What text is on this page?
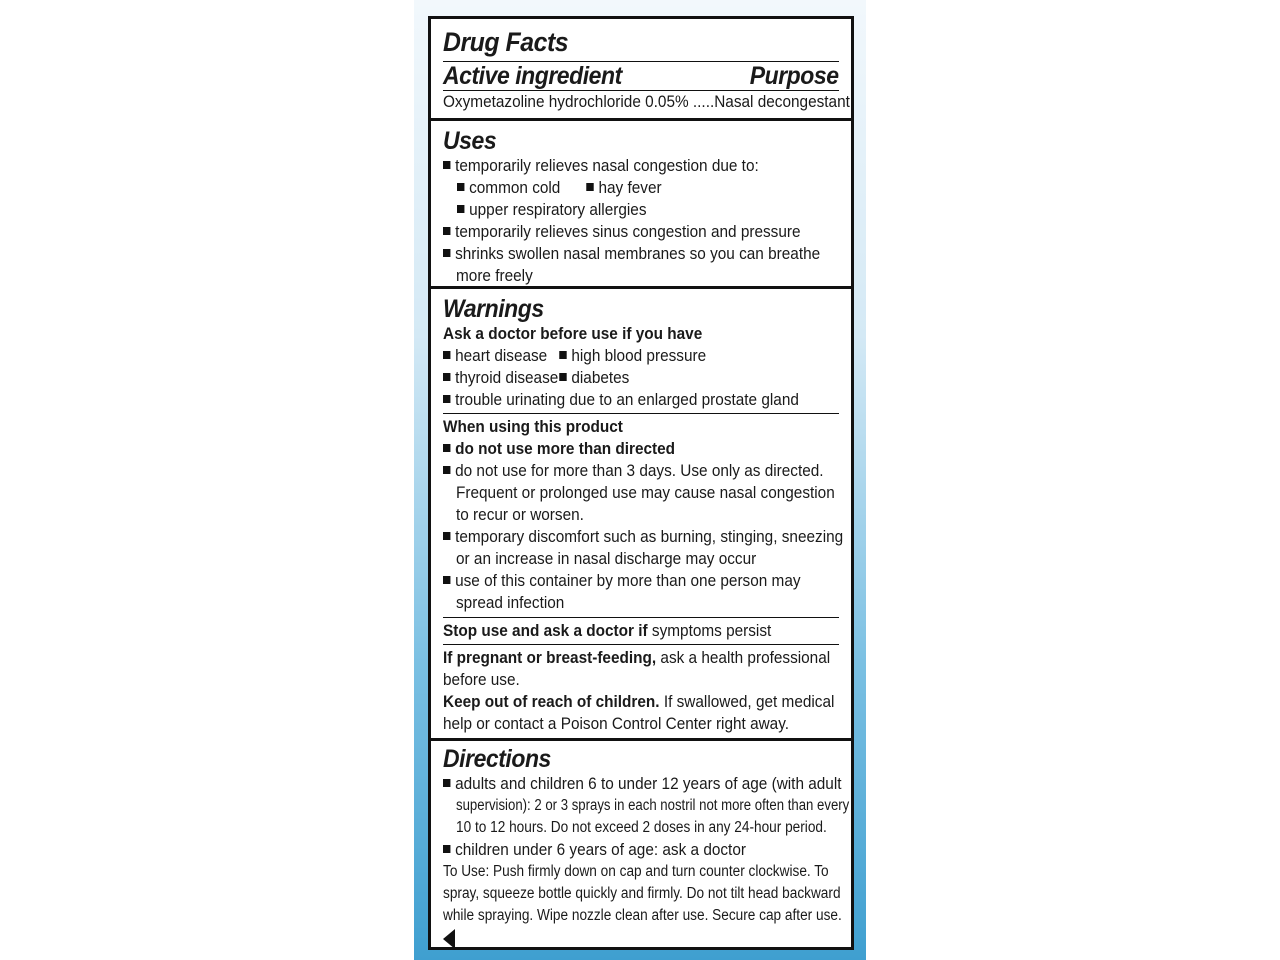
Drug Facts
Active ingredient	Purpose
Oxymetazoline hydrochloride 0.05% .....Nasal decongestant
Uses
temporarily relieves nasal congestion due to:
common cold hay fever
upper respiratory allergies
temporarily relieves sinus congestion and pressure
shrinks swollen nasal membranes so you can breathe
more freely
Warnings
Ask a doctor before use if you have
heart disease high blood pressure
thyroid disease diabetes
trouble urinating due to an enlarged prostate gland
When using this product
do not use more than directed
do not use for more than 3 days. Use only as directed.
Frequent or prolonged use may cause nasal congestion
to recur or worsen.
temporary discomfort such as burning, stinging, sneezing
or an increase in nasal discharge may occur
use of this container by more than one person may
spread infection
Stop use and ask a doctor if symptoms persist
If pregnant or breast-feeding, ask a health professional
before use.
Keep out of reach of children. If swallowed, get medical
help or contact a Poison Control Center right away.
Directions
adults and children 6 to under 12 years of age (with adult
supervision): 2 or 3 sprays in each nostril not more often than every
10 to 12 hours. Do not exceed 2 doses in any 24-hour period.
children under 6 years of age: ask a doctor
To Use: Push firmly down on cap and turn counter clockwise. To
spray, squeeze bottle quickly and firmly. Do not tilt head backward
while spraying. Wipe nozzle clean after use. Secure cap after use.
